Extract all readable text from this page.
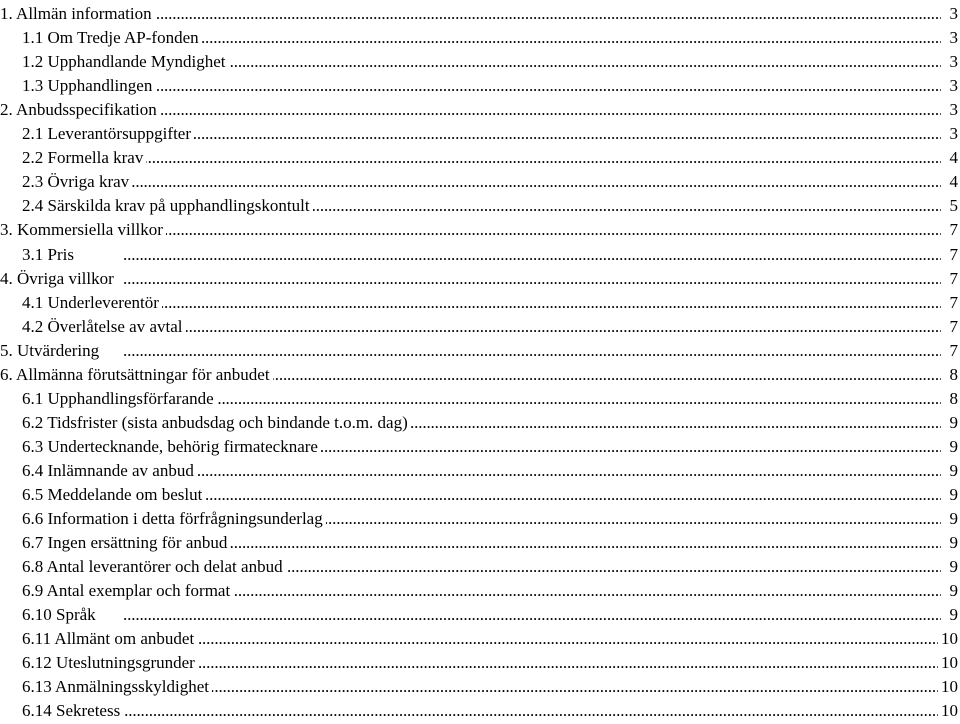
1. Allmän information . . .	3
1.1 Om Tredje AP-fonden . . .	3
1.2 Upphandlande Myndighet . . .	3
1.3 Upphandlingen . . .	3
2. Anbudsspecifikation . . .	3
2.1 Leverantörsuppgifter . . .	3
2.2 Formella krav . . .	4
2.3 Övriga krav . . .	4
2.4 Särskilda krav på upphandlingskontult . . .	5
3. Kommersiella villkor . . .	7
3.1 Pris . . .	7
4. Övriga villkor . . .	7
4.1 Underleverentör . . .	7
4.2 Överlåtelse av avtal . . .	7
5. Utvärdering . . .	7
6. Allmänna förutsättningar för anbudet . . .	8
6.1 Upphandlingsförfarande . . .	8
6.2 Tidsfrister (sista anbudsdag och bindande t.o.m. dag) . . .	9
6.3 Undertecknande, behörig firmatecknare . . .	9
6.4 Inlämnande av anbud . . .	9
6.5 Meddelande om beslut . . .	9
6.6 Information i detta förfrågningsunderlag . . .	9
6.7 Ingen ersättning för anbud . . .	9
6.8 Antal leverantörer och delat anbud . . .	9
6.9 Antal exemplar och format . . .	9
6.10 Språk . . .	9
6.11 Allmänt om anbudet . . .	10
6.12 Uteslutningsgrunder . . .	10
6.13 Anmälningsskyldighet . . .	10
6.14 Sekretess . . .	10
